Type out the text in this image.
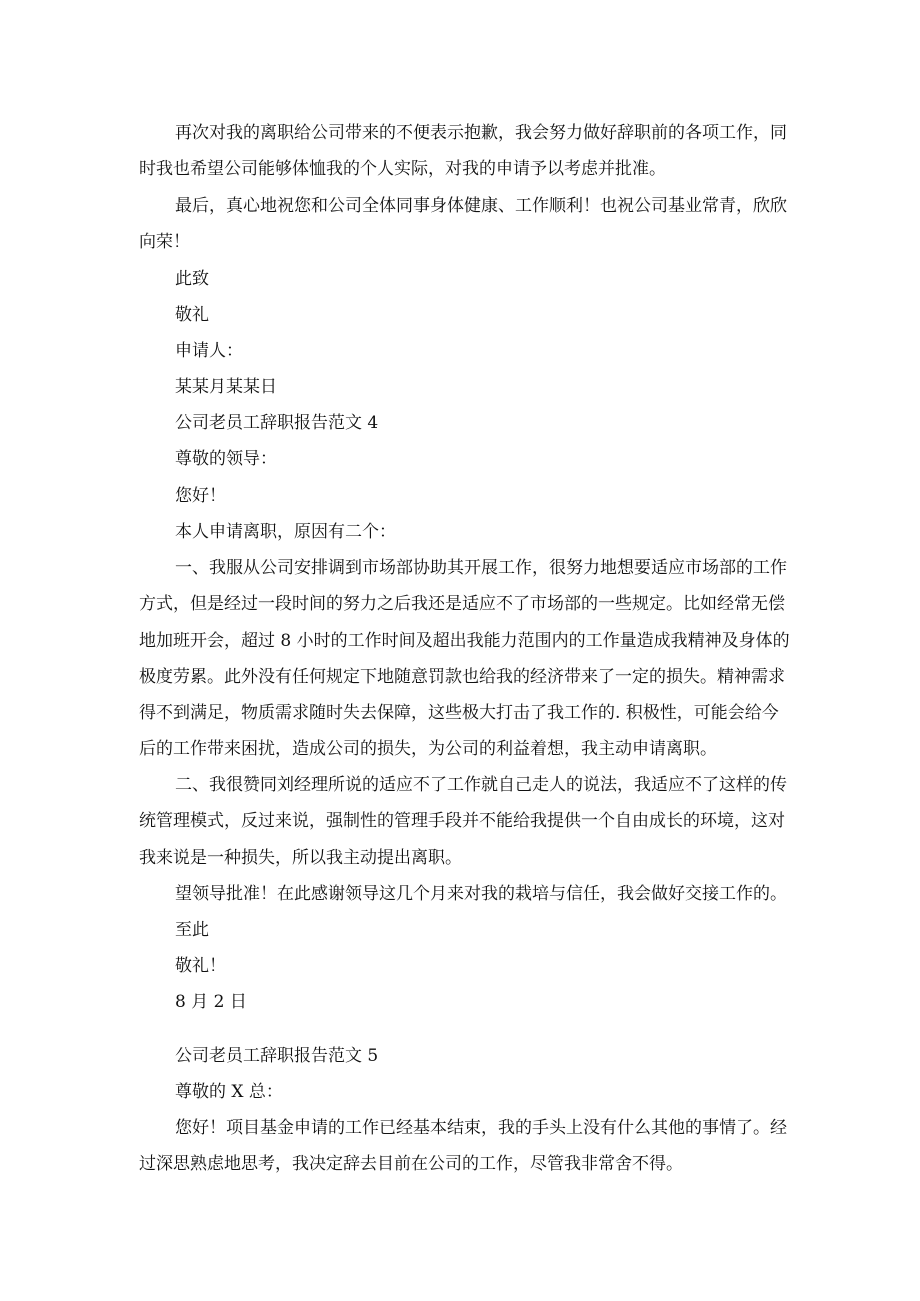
再次对我的离职给公司带来的不便表示抱歉，我会努力做好辞职前的各项工作，同
时我也希望公司能够体恤我的个人实际，对我的申请予以考虑并批准。
最后，真心地祝您和公司全体同事身体健康、工作顺利！也祝公司基业常青，欣欣
向荣！
此致
敬礼
申请人：
某某月某某日
公司老员工辞职报告范文 4
尊敬的领导：
您好！
本人申请离职，原因有二个：
一、我服从公司安排调到市场部协助其开展工作，很努力地想要适应市场部的工作
方式，但是经过一段时间的努力之后我还是适应不了市场部的一些规定。比如经常无偿
地加班开会，超过 8 小时的工作时间及超出我能力范围内的工作量造成我精神及身体的
极度劳累。此外没有任何规定下地随意罚款也给我的经济带来了一定的损失。精神需求
得不到满足，物质需求随时失去保障，这些极大打击了我工作的. 积极性，可能会给今
后的工作带来困扰，造成公司的损失，为公司的利益着想，我主动申请离职。
二、我很赞同刘经理所说的适应不了工作就自己走人的说法，我适应不了这样的传
统管理模式，反过来说，强制性的管理手段并不能给我提供一个自由成长的环境，这对
我来说是一种损失，所以我主动提出离职。
望领导批准！在此感谢领导这几个月来对我的栽培与信任，我会做好交接工作的。
至此
敬礼！
8 月 2 日
公司老员工辞职报告范文 5
尊敬的 X 总：
您好！项目基金申请的工作已经基本结束，我的手头上没有什么其他的事情了。经
过深思熟虑地思考，我决定辞去目前在公司的工作，尽管我非常舍不得。
